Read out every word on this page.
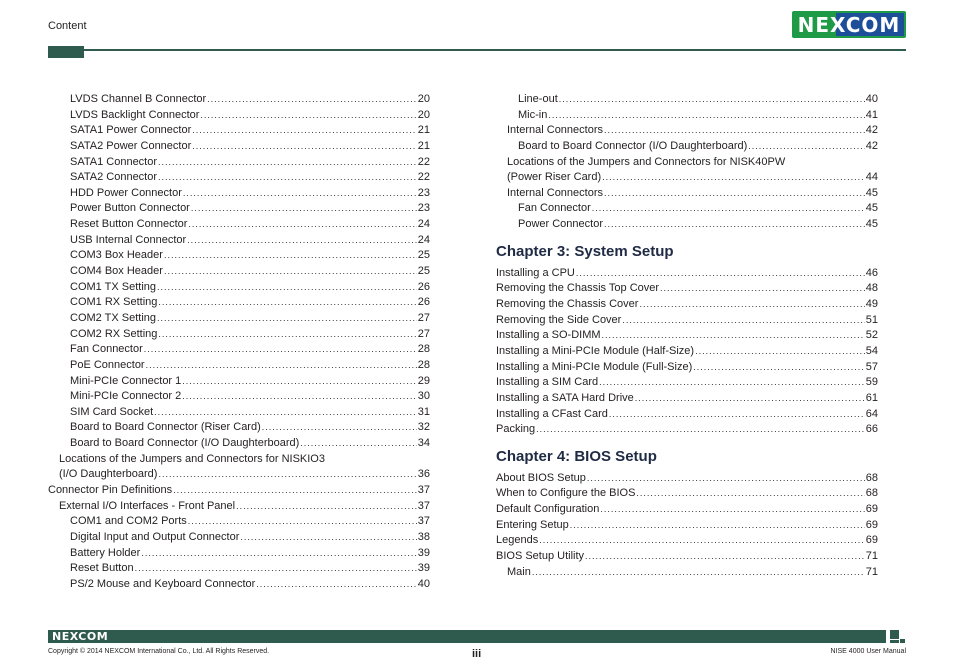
Content	NEXCOM
LVDS Channel B Connector .....	20
LVDS Backlight Connector .....	20
SATA1 Power Connector .....	21
SATA2 Power Connector .....	21
SATA1 Connector .....	22
SATA2 Connector .....	22
HDD Power Connector .....	23
Power Button Connector .....	23
Reset Button Connector .....	24
USB Internal Connector .....	24
COM3 Box Header .....	25
COM4 Box Header .....	25
COM1 TX Setting .....	26
COM1 RX Setting .....	26
COM2 TX Setting .....	27
COM2 RX Setting .....	27
Fan Connector .....	28
PoE Connector .....	28
Mini-PCIe Connector 1 .....	29
Mini-PCIe Connector 2 .....	30
SIM Card Socket .....	31
Board to Board Connector (Riser Card) .....	32
Board to Board Connector (I/O Daughterboard) .....	34
Locations of the Jumpers and Connectors for NISKIO3
(I/O Daughterboard) .....	36
Connector Pin Definitions .....	37
External I/O Interfaces - Front Panel .....	37
COM1 and COM2 Ports .....	37
Digital Input and Output Connector .....	38
Battery Holder .....	39
Reset Button .....	39
PS/2 Mouse and Keyboard Connector .....	40
Line-out .....	40
Mic-in .....	41
Internal Connectors .....	42
Board to Board Connector (I/O Daughterboard) .....	42
Locations of the Jumpers and Connectors for NISK40PW
(Power Riser Card) .....	44
Internal Connectors .....	45
Fan Connector .....	45
Power Connector .....	45
Chapter 3: System Setup
Installing a CPU .....	46
Removing the Chassis Top Cover .....	48
Removing the Chassis Cover .....	49
Removing the Side Cover .....	51
Installing a SO-DIMM .....	52
Installing a Mini-PCIe Module (Half-Size) .....	54
Installing a Mini-PCIe Module (Full-Size) .....	57
Installing a SIM Card .....	59
Installing a SATA Hard Drive .....	61
Installing a CFast Card .....	64
Packing .....	66
Chapter 4: BIOS Setup
About BIOS Setup .....	68
When to Configure the BIOS .....	68
Default Configuration .....	69
Entering Setup .....	69
Legends .....	69
BIOS Setup Utility .....	71
Main .....	71
NEXCOM
Copyright © 2014 NEXCOM International Co., Ltd. All Rights Reserved.	iii	NISE 4000 User Manual
